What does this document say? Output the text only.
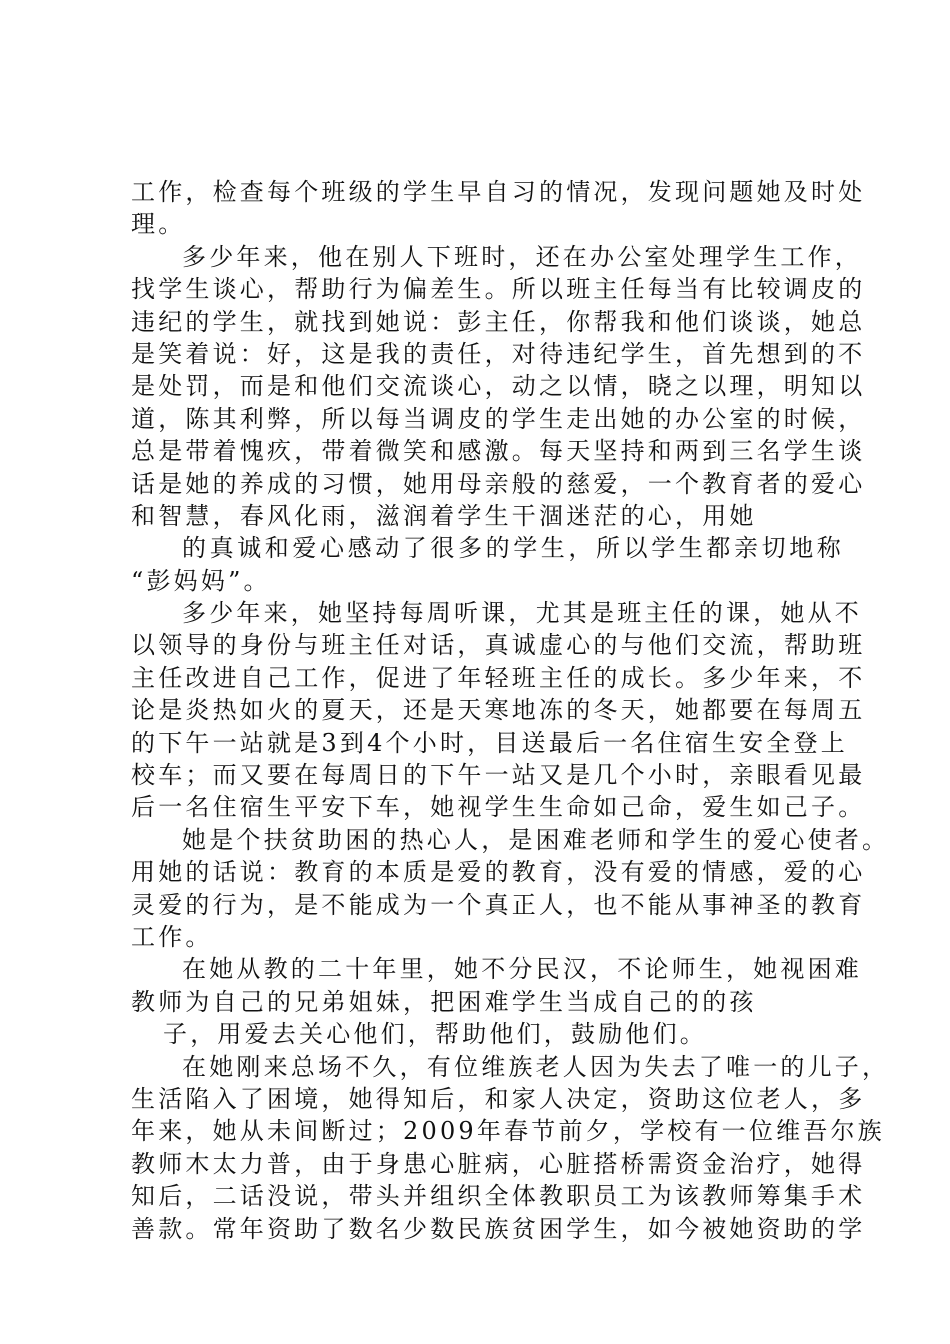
工作，检查每个班级的学生早自习的情况，发现问题她及时处
理。
多少年来，他在别人下班时，还在办公室处理学生工作，
找学生谈心，帮助行为偏差生。所以班主任每当有比较调皮的
违纪的学生，就找到她说：彭主任，你帮我和他们谈谈，她总
是笑着说：好，这是我的责任，对待违纪学生，首先想到的不
是处罚，而是和他们交流谈心，动之以情，晓之以理，明知以
道，陈其利弊，所以每当调皮的学生走出她的办公室的时候，
总是带着愧疚，带着微笑和感激。每天坚持和两到三名学生谈
话是她的养成的习惯，她用母亲般的慈爱，一个教育者的爱心
和智慧，春风化雨，滋润着学生干涸迷茫的心，用她
的真诚和爱心感动了很多的学生，所以学生都亲切地称
“彭妈妈”。
多少年来，她坚持每周听课，尤其是班主任的课，她从不
以领导的身份与班主任对话，真诚虚心的与他们交流，帮助班
主任改进自己工作，促进了年轻班主任的成长。多少年来，不
论是炎热如火的夏天，还是天寒地冻的冬天，她都要在每周五
的下午一站就是3到4个小时，目送最后一名住宿生安全登上
校车；而又要在每周日的下午一站又是几个小时，亲眼看见最
后一名住宿生平安下车，她视学生生命如己命，爱生如己子。
她是个扶贫助困的热心人，是困难老师和学生的爱心使者。
用她的话说：教育的本质是爱的教育，没有爱的情感，爱的心
灵爱的行为，是不能成为一个真正人，也不能从事神圣的教育
工作。
在她从教的二十年里，她不分民汉，不论师生，她视困难
教师为自己的兄弟姐妹，把困难学生当成自己的的孩
子，用爱去关心他们，帮助他们，鼓励他们。
在她刚来总场不久，有位维族老人因为失去了唯一的儿子，
生活陷入了困境，她得知后，和家人决定，资助这位老人，多
年来，她从未间断过；2009年春节前夕，学校有一位维吾尔族
教师木太力普，由于身患心脏病，心脏搭桥需资金治疗，她得
知后，二话没说，带头并组织全体教职员工为该教师筹集手术
善款。常年资助了数名少数民族贫困学生，如今被她资助的学
